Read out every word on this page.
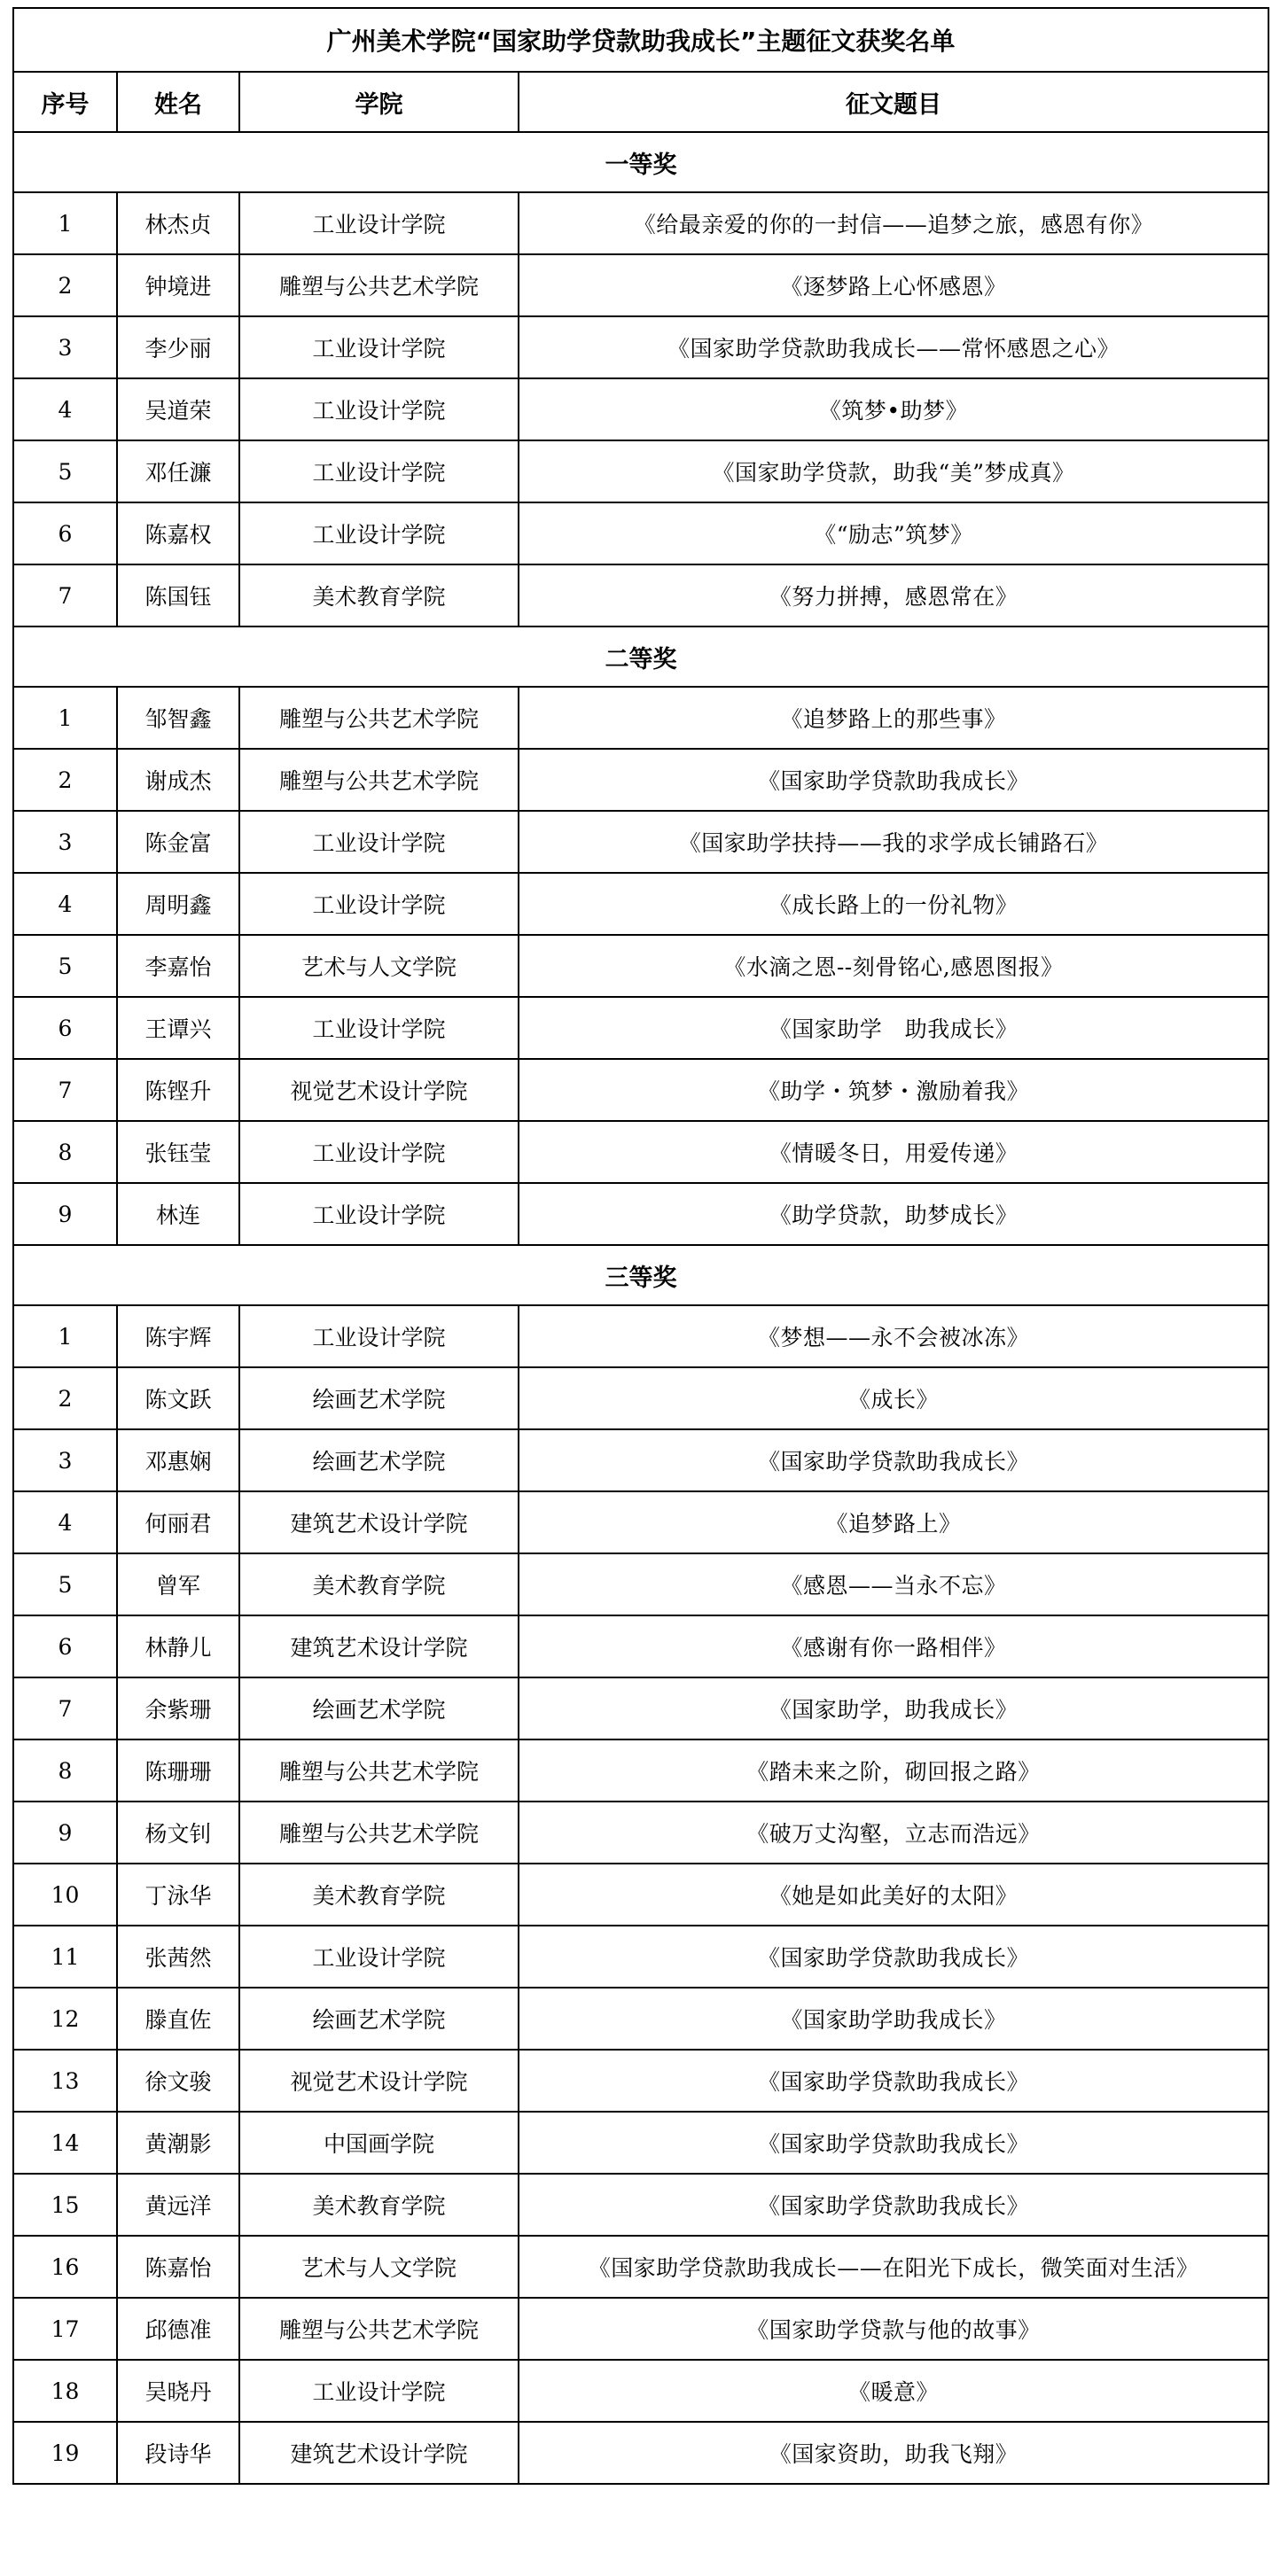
广州美术学院“国家助学贷款助我成长”主题征文获奖名单			
序号	姓名	学院	征文题目
一等奖			
1	林杰贞	工业设计学院	《给最亲爱的你的一封信——追梦之旅，感恩有你》
2	钟境进	雕塑与公共艺术学院	《逐梦路上心怀感恩》
3	李少丽	工业设计学院	《国家助学贷款助我成长——常怀感恩之心》
4	吴道荣	工业设计学院	《筑梦•助梦》
5	邓任濂	工业设计学院	《国家助学贷款，助我“美”梦成真》
6	陈嘉权	工业设计学院	《“励志”筑梦》
7	陈国钰	美术教育学院	《努力拼搏，感恩常在》
二等奖			
1	邹智鑫	雕塑与公共艺术学院	《追梦路上的那些事》
2	谢成杰	雕塑与公共艺术学院	《国家助学贷款助我成长》
3	陈金富	工业设计学院	《国家助学扶持——我的求学成长铺路石》
4	周明鑫	工业设计学院	《成长路上的一份礼物》
5	李嘉怡	艺术与人文学院	《水滴之恩--刻骨铭心,感恩图报》
6	王谭兴	工业设计学院	《国家助学　助我成长》
7	陈铿升	视觉艺术设计学院	《助学・筑梦・激励着我》
8	张钰莹	工业设计学院	《情暖冬日，用爱传递》
9	林连	工业设计学院	《助学贷款，助梦成长》
三等奖			
1	陈宇辉	工业设计学院	《梦想——永不会被冰冻》
2	陈文跃	绘画艺术学院	《成长》
3	邓惠娴	绘画艺术学院	《国家助学贷款助我成长》
4	何丽君	建筑艺术设计学院	《追梦路上》
5	曾军	美术教育学院	《感恩——当永不忘》
6	林静儿	建筑艺术设计学院	《感谢有你一路相伴》
7	余紫珊	绘画艺术学院	《国家助学，助我成长》
8	陈珊珊	雕塑与公共艺术学院	《踏未来之阶，砌回报之路》
9	杨文钊	雕塑与公共艺术学院	《破万丈沟壑，立志而浩远》
10	丁泳华	美术教育学院	《她是如此美好的太阳》
11	张茜然	工业设计学院	《国家助学贷款助我成长》
12	滕直佐	绘画艺术学院	《国家助学助我成长》
13	徐文骏	视觉艺术设计学院	《国家助学贷款助我成长》
14	黄潮影	中国画学院	《国家助学贷款助我成长》
15	黄远洋	美术教育学院	《国家助学贷款助我成长》
16	陈嘉怡	艺术与人文学院	《国家助学贷款助我成长——在阳光下成长，微笑面对生活》
17	邱德准	雕塑与公共艺术学院	《国家助学贷款与他的故事》
18	吴晓丹	工业设计学院	《暖意》
19	段诗华	建筑艺术设计学院	《国家资助，助我飞翔》
